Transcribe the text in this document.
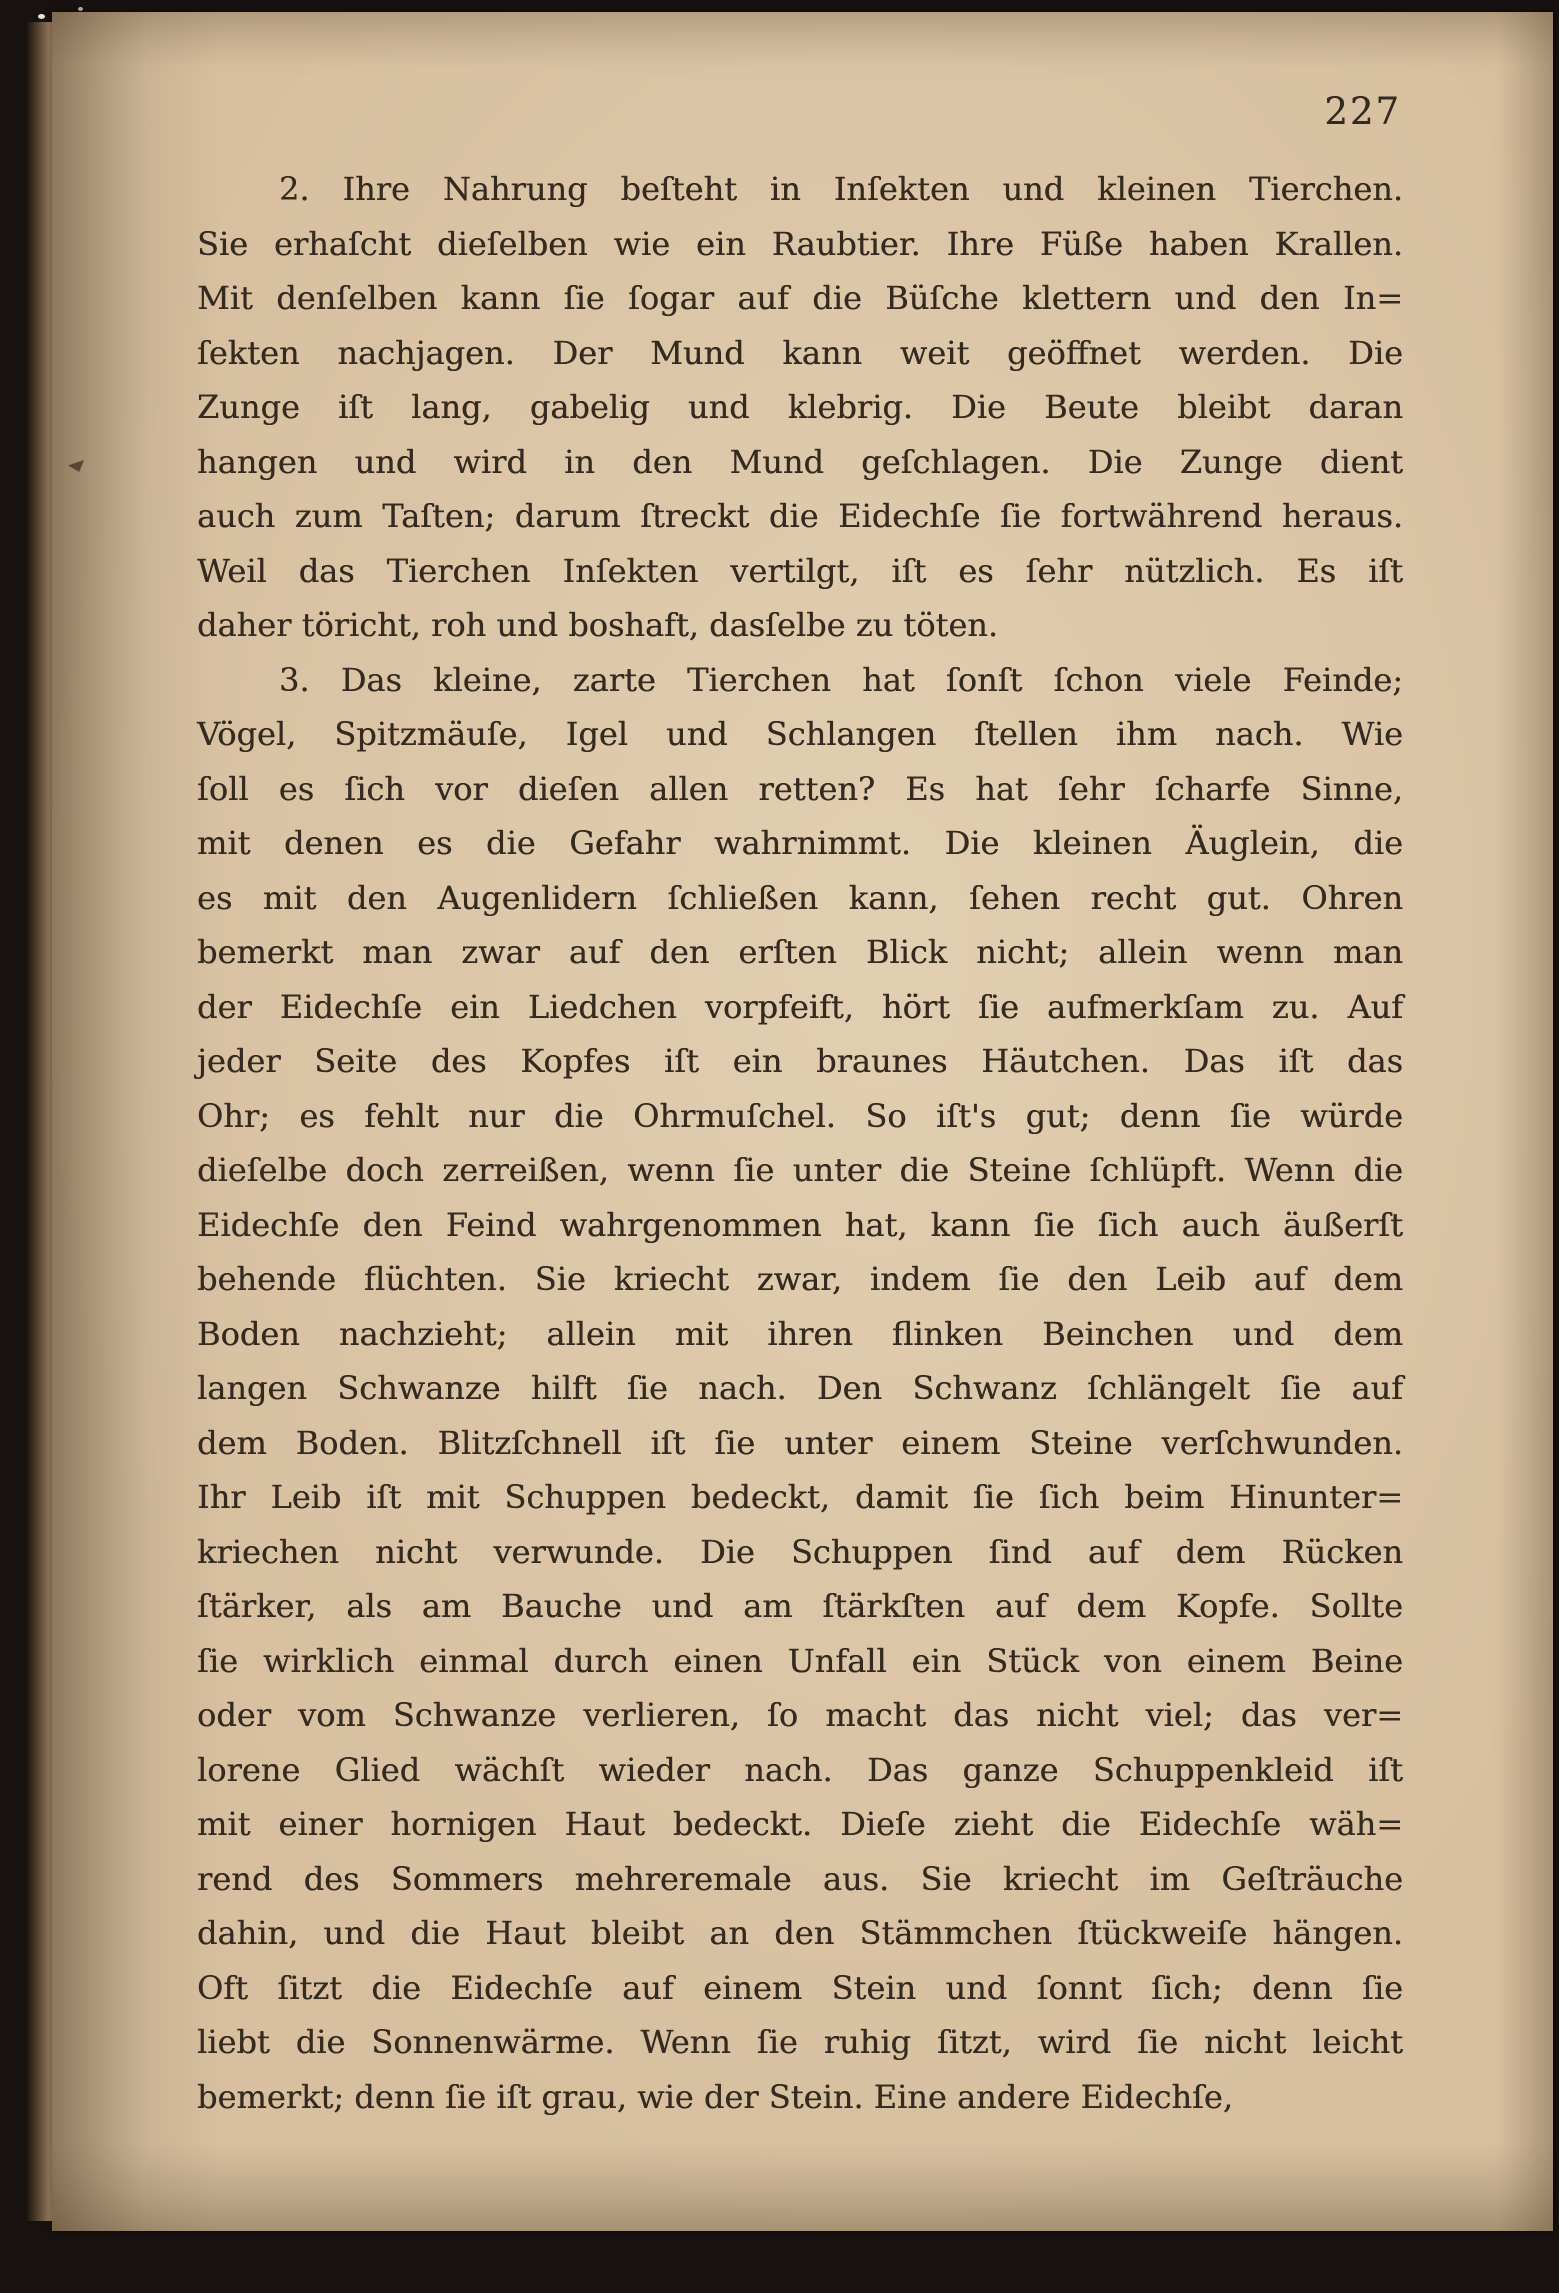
227
2. Ihre Nahrung beſteht in Inſekten und kleinen Tierchen.
Sie erhaſcht dieſelben wie ein Raubtier. Ihre Füße haben Krallen.
Mit denſelben kann ſie ſogar auf die Büſche klettern und den In=
ſekten nachjagen. Der Mund kann weit geöffnet werden. Die
Zunge iſt lang, gabelig und klebrig. Die Beute bleibt daran
hangen und wird in den Mund geſchlagen. Die Zunge dient
auch zum Taſten; darum ſtreckt die Eidechſe ſie fortwährend heraus.
Weil das Tierchen Inſekten vertilgt, iſt es ſehr nützlich. Es iſt
daher töricht, roh und boshaft, dasſelbe zu töten.
3. Das kleine, zarte Tierchen hat ſonſt ſchon viele Feinde;
Vögel, Spitzmäuſe, Igel und Schlangen ſtellen ihm nach. Wie
ſoll es ſich vor dieſen allen retten? Es hat ſehr ſcharfe Sinne,
mit denen es die Gefahr wahrnimmt. Die kleinen Äuglein, die
es mit den Augenlidern ſchließen kann, ſehen recht gut. Ohren
bemerkt man zwar auf den erſten Blick nicht; allein wenn man
der Eidechſe ein Liedchen vorpfeift, hört ſie aufmerkſam zu. Auf
jeder Seite des Kopfes iſt ein braunes Häutchen. Das iſt das
Ohr; es fehlt nur die Ohrmuſchel. So iſt's gut; denn ſie würde
dieſelbe doch zerreißen, wenn ſie unter die Steine ſchlüpft. Wenn die
Eidechſe den Feind wahrgenommen hat, kann ſie ſich auch äußerſt
behende flüchten. Sie kriecht zwar, indem ſie den Leib auf dem
Boden nachzieht; allein mit ihren flinken Beinchen und dem
langen Schwanze hilft ſie nach. Den Schwanz ſchlängelt ſie auf
dem Boden. Blitzſchnell iſt ſie unter einem Steine verſchwunden.
Ihr Leib iſt mit Schuppen bedeckt, damit ſie ſich beim Hinunter=
kriechen nicht verwunde. Die Schuppen ſind auf dem Rücken
ſtärker, als am Bauche und am ſtärkſten auf dem Kopfe. Sollte
ſie wirklich einmal durch einen Unfall ein Stück von einem Beine
oder vom Schwanze verlieren, ſo macht das nicht viel; das ver=
lorene Glied wächſt wieder nach. Das ganze Schuppenkleid iſt
mit einer hornigen Haut bedeckt. Dieſe zieht die Eidechſe wäh=
rend des Sommers mehreremale aus. Sie kriecht im Geſträuche
dahin, und die Haut bleibt an den Stämmchen ſtückweiſe hängen.
Oft ſitzt die Eidechſe auf einem Stein und ſonnt ſich; denn ſie
liebt die Sonnenwärme. Wenn ſie ruhig ſitzt, wird ſie nicht leicht
bemerkt; denn ſie iſt grau, wie der Stein. Eine andere Eidechſe,
